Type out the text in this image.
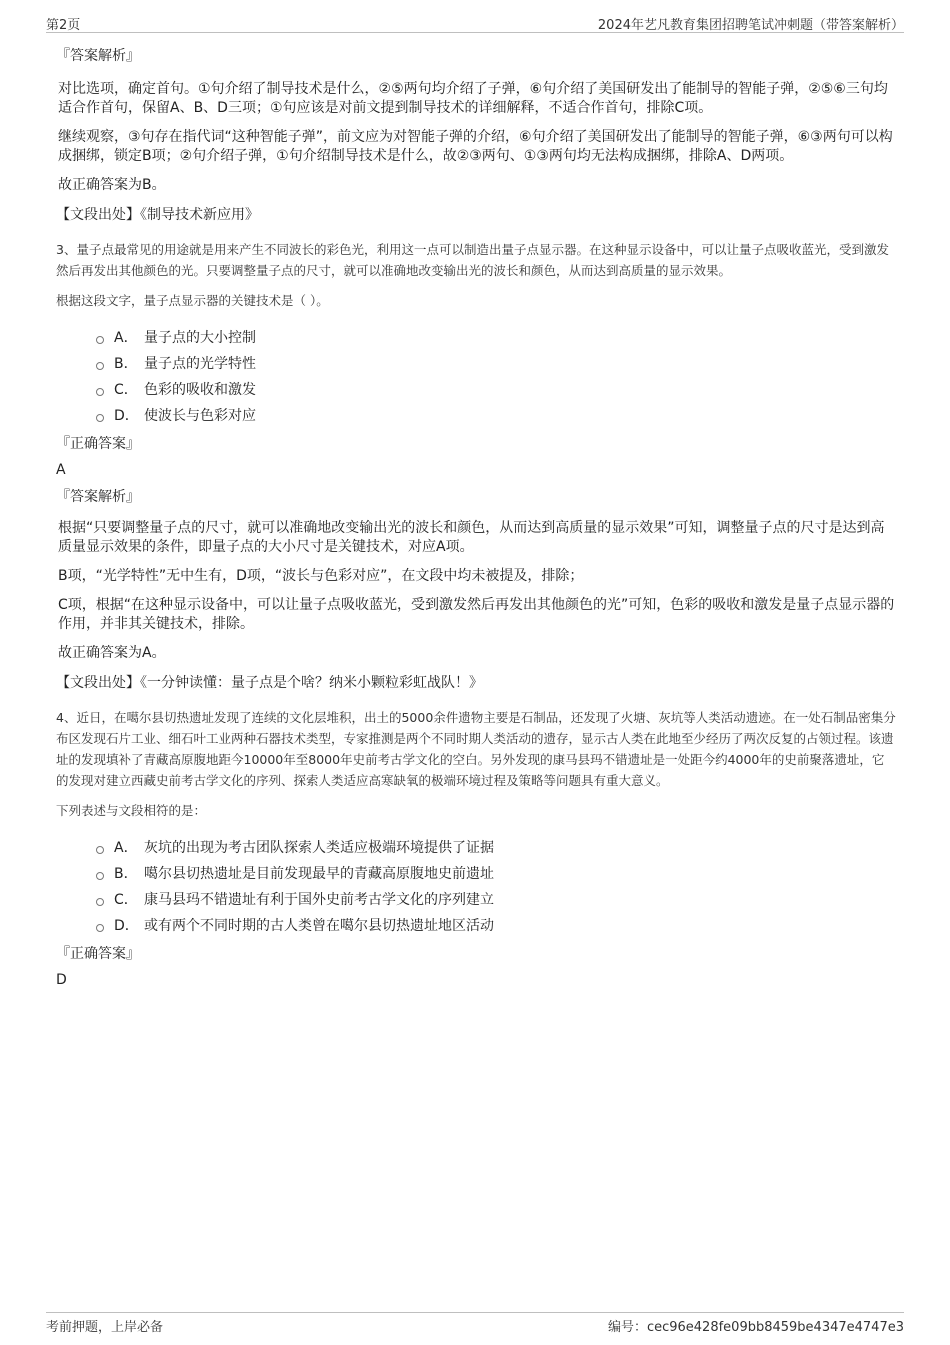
第2页	2024年艺凡教育集团招聘笔试冲刺题（带答案解析）
『答案解析』

对比选项，确定首句。①句介绍了制导技术是什么，②⑤两句均介绍了子弹，⑥句介绍了美国研发出了能制导的智能子弹，②⑤⑥三句均适合作首句，保留A、B、D三项；①句应该是对前文提到制导技术的详细解释，不适合作首句，排除C项。

继续观察，③句存在指代词“这种智能子弹”，前文应为对智能子弹的介绍，⑥句介绍了美国研发出了能制导的智能子弹，⑥③两句可以构成捆绑，锁定B项；②句介绍子弹，①句介绍制导技术是什么，故②③两句、①③两句均无法构成捆绑，排除A、D两项。

故正确答案为B。

【文段出处】《制导技术新应用》

3、量子点最常见的用途就是用来产生不同波长的彩色光，利用这一点可以制造出量子点显示器。在这种显示设备中，可以让量子点吸收蓝光，受到激发然后再发出其他颜色的光。只要调整量子点的尺寸，就可以准确地改变输出光的波长和颜色，从而达到高质量的显示效果。

根据这段文字，量子点显示器的关键技术是（ ）。

A． 量子点的大小控制
B． 量子点的光学特性
C． 色彩的吸收和激发
D． 使波长与色彩对应
『正确答案』
A
『答案解析』

根据“只要调整量子点的尺寸，就可以准确地改变输出光的波长和颜色，从而达到高质量的显示效果”可知，调整量子点的尺寸是达到高质量显示效果的条件，即量子点的大小尺寸是关键技术，对应A项。

B项，“光学特性”无中生有，D项，“波长与色彩对应”，在文段中均未被提及，排除；

C项，根据“在这种显示设备中，可以让量子点吸收蓝光，受到激发然后再发出其他颜色的光”可知，色彩的吸收和激发是量子点显示器的作用，并非其关键技术，排除。

故正确答案为A。

【文段出处】《一分钟读懂：量子点是个啥？纳米小颗粒彩虹战队！》

4、近日，在噶尔县切热遗址发现了连续的文化层堆积，出土的5000余件遗物主要是石制品，还发现了火塘、灰坑等人类活动遗迹。在一处石制品密集分布区发现石片工业、细石叶工业两种石器技术类型，专家推测是两个不同时期人类活动的遗存，显示古人类在此地至少经历了两次反复的占领过程。该遗址的发现填补了青藏高原腹地距今10000年至8000年史前考古学文化的空白。另外发现的康马县玛不错遗址是一处距今约4000年的史前聚落遗址，它的发现对建立西藏史前考古学文化的序列、探索人类适应高寒缺氧的极端环境过程及策略等问题具有重大意义。

下列表述与文段相符的是：

A． 灰坑的出现为考古团队探索人类适应极端环境提供了证据
B． 噶尔县切热遗址是目前发现最早的青藏高原腹地史前遗址
C． 康马县玛不错遗址有利于国外史前考古学文化的序列建立
D． 或有两个不同时期的古人类曾在噶尔县切热遗址地区活动
『正确答案』
D
考前押题，上岸必备	编号：cec96e428fe09bb8459be4347e4747e3
